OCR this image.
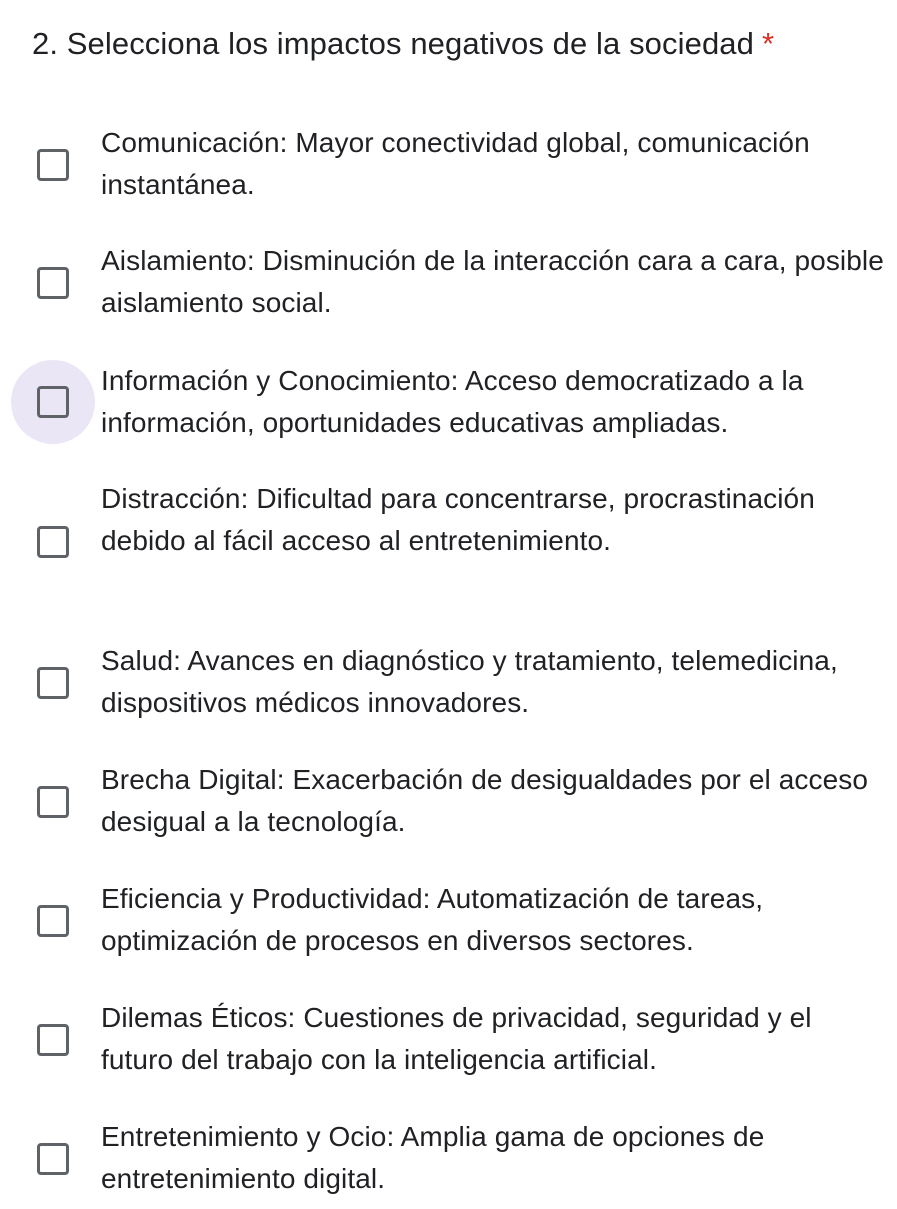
2. Selecciona los impactos negativos de la sociedad *
Comunicación: Mayor conectividad global, comunicación instantánea.
Aislamiento: Disminución de la interacción cara a cara, posible aislamiento social.
Información y Conocimiento: Acceso democratizado a la información, oportunidades educativas ampliadas.
Distracción: Dificultad para concentrarse, procrastinación debido al fácil acceso al entretenimiento.
Salud: Avances en diagnóstico y tratamiento, telemedicina, dispositivos médicos innovadores.
Brecha Digital: Exacerbación de desigualdades por el acceso desigual a la tecnología.
Eficiencia y Productividad: Automatización de tareas, optimización de procesos en diversos sectores.
Dilemas Éticos: Cuestiones de privacidad, seguridad y el futuro del trabajo con la inteligencia artificial.
Entretenimiento y Ocio: Amplia gama de opciones de entretenimiento digital.
